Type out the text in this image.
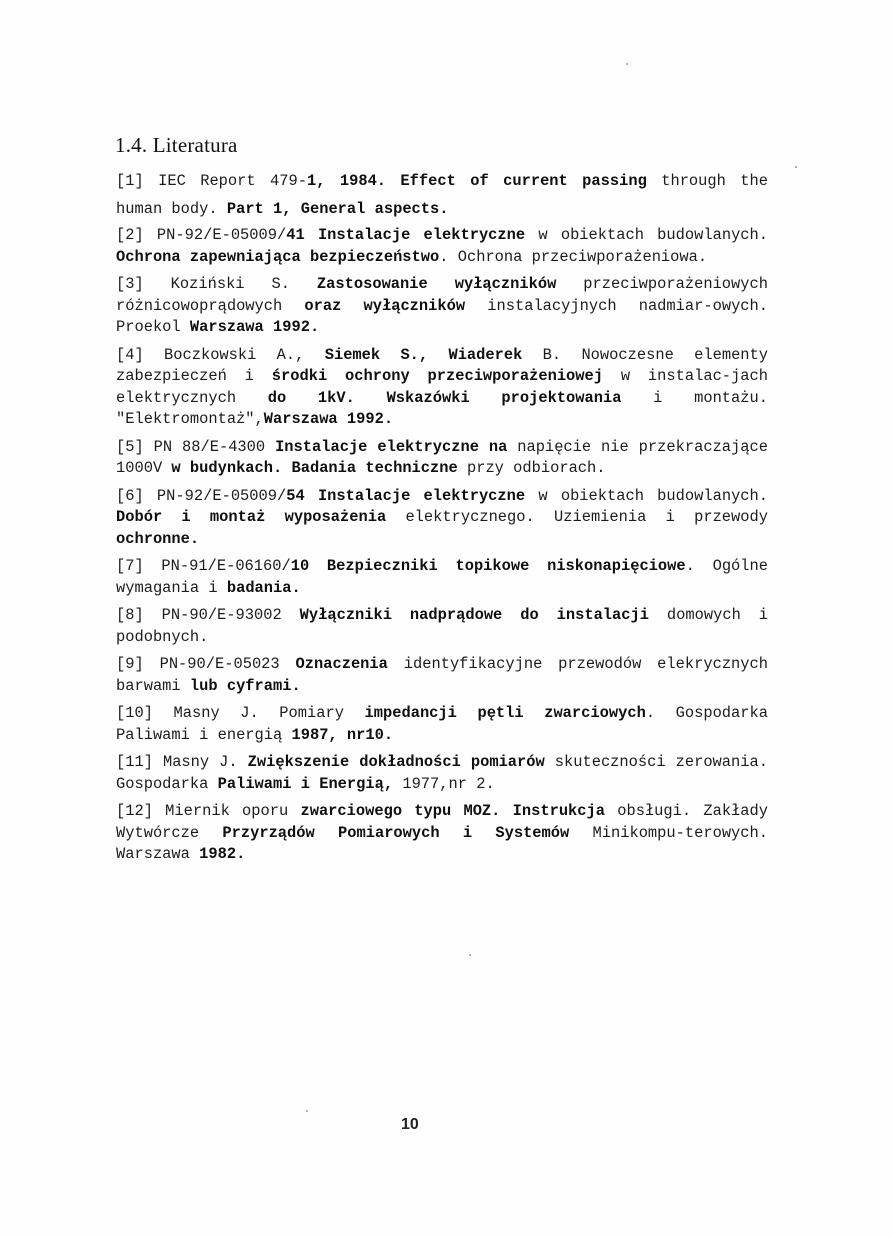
1.4. Literatura
[1] IEC Report 479-1, 1984. Effect of current passing through the human body. Part 1, General aspects.
[2] PN-92/E-05009/41 Instalacje elektryczne w obiektach budowlanych. Ochrona zapewniająca bezpieczeństwo. Ochrona przeciwporażeniowa.
[3] Koziński S. Zastosowanie wyłączników przeciwporażeniowych różnicowoprądowych oraz wyłączników instalacyjnych nadmiar-owych. Proekol Warszawa 1992.
[4] Boczkowski A., Siemek S., Wiaderek B. Nowoczesne elementy zabezpieczeń i środki ochrony przeciwporażeniowej w instalac-jach elektrycznych do 1kV. Wskazówki projektowania i montażu. "Elektromontaż",Warszawa 1992.
[5] PN 88/E-4300 Instalacje elektryczne na napięcie nie przekraczające 1000V w budynkach. Badania techniczne przy odbiorach.
[6] PN-92/E-05009/54 Instalacje elektryczne w obiektach budowlanych. Dobór i montaż wyposażenia elektrycznego. Uziemienia i przewody ochronne.
[7] PN-91/E-06160/10 Bezpieczniki topikowe niskonapięciowe. Ogólne wymagania i badania.
[8] PN-90/E-93002 Wyłączniki nadprądowe do instalacji domowych i podobnych.
[9] PN-90/E-05023 Oznaczenia identyfikacyjne przewodów elekrycznych barwami lub cyframi.
[10] Masny J. Pomiary impedancji pętli zwarciowych. Gospodarka Paliwami i energią 1987, nr10.
[11] Masny J. Zwiększenie dokładności pomiarów skuteczności zerowania. Gospodarka Paliwami i Energią, 1977,nr 2.
[12] Miernik oporu zwarciowego typu MOZ. Instrukcja obsługi. Zakłady Wytwórcze Przyrządów Pomiarowych i Systemów Minikompu-terowych. Warszawa 1982.
10
